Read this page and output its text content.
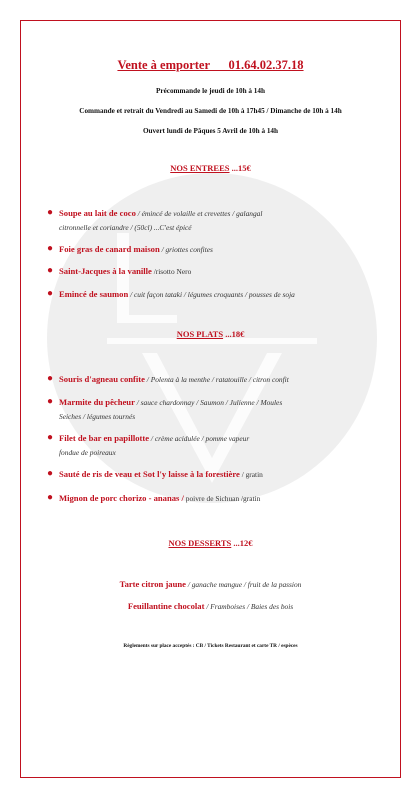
Vente à emporter      01.64.02.37.18
Précommande le jeudi de 10h à 14h
Commande et retrait du Vendredi au Samedi de 10h à 17h45 / Dimanche de 10h à 14h
Ouvert lundi de Pâques 5 Avril de 10h à 14h
NOS ENTREES ...15€
● Soupe au lait de coco / émincé de volaille et crevettes / galangal
citronnelle et coriandre / (50cl) ...C'est épicé
● Foie gras de canard maison / griottes confites
● Saint-Jacques à la vanille /risotto Nero
● Emincé de saumon / cuit façon tataki / légumes croquants / pousses de soja
NOS PLATS ...18€
● Souris d'agneau confite / Polenta à la menthe / ratatouille / citron confit
● Marmite du pêcheur / sauce chardonnay / Saumon / Julienne / Moules
Seiches / légumes tournés
● Filet de bar en papillotte / crème acidulée / pomme vapeur
fondue de poireaux
● Sauté de ris de veau et Sot l'y laisse à la forestière / gratin
● Mignon de porc chorizo - ananas / poivre de Sichuan /gratin
NOS DESSERTS ...12€
Tarte citron jaune / ganache mangue / fruit de la passion
Feuillantine chocolat / Framboises / Baies des bois
Règlements sur place acceptés : CB / Tickets Restaurant et carte TR / espèces
